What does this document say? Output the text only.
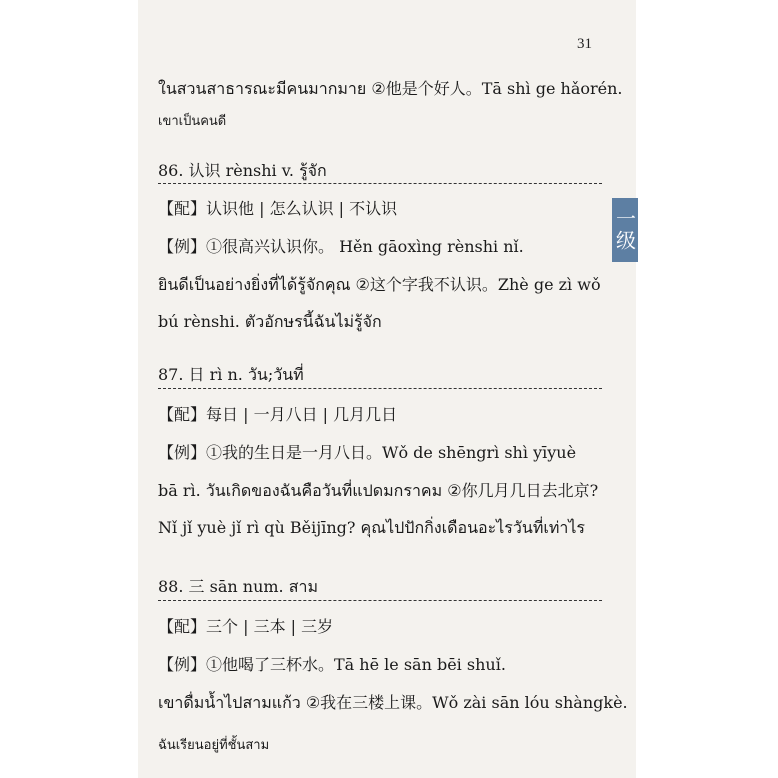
31
一级
ในสวนสาธารณะมีคนมากมาย ②他是个好人。Tā shì ge hǎorén.
เขาเป็นคนดี
86. 认识 rènshi v. รู้จัก
【配】认识他 | 怎么认识 | 不认识
【例】①很高兴认识你。 Hěn gāoxìng rènshi nǐ.
ยินดีเป็นอย่างยิ่งที่ได้รู้จักคุณ ②这个字我不认识。Zhè ge zì wǒ
bú rènshi. ตัวอักษรนี้ฉันไม่รู้จัก
87. 日 rì n. วัน;วันที่
【配】每日 | 一月八日 | 几月几日
【例】①我的生日是一月八日。Wǒ de shēngrì shì yīyuè
bā rì. วันเกิดของฉันคือวันที่แปดมกราคม ②你几月几日去北京?
Nǐ jǐ yuè jǐ rì qù Běijīng? คุณไปปักกิ่งเดือนอะไรวันที่เท่าไร
88. 三 sān num. สาม
【配】三个 | 三本 | 三岁
【例】①他喝了三杯水。Tā hē le sān bēi shuǐ.
เขาดื่มน้ำไปสามแก้ว ②我在三楼上课。Wǒ zài sān lóu shàngkè.
ฉันเรียนอยู่ที่ชั้นสาม
